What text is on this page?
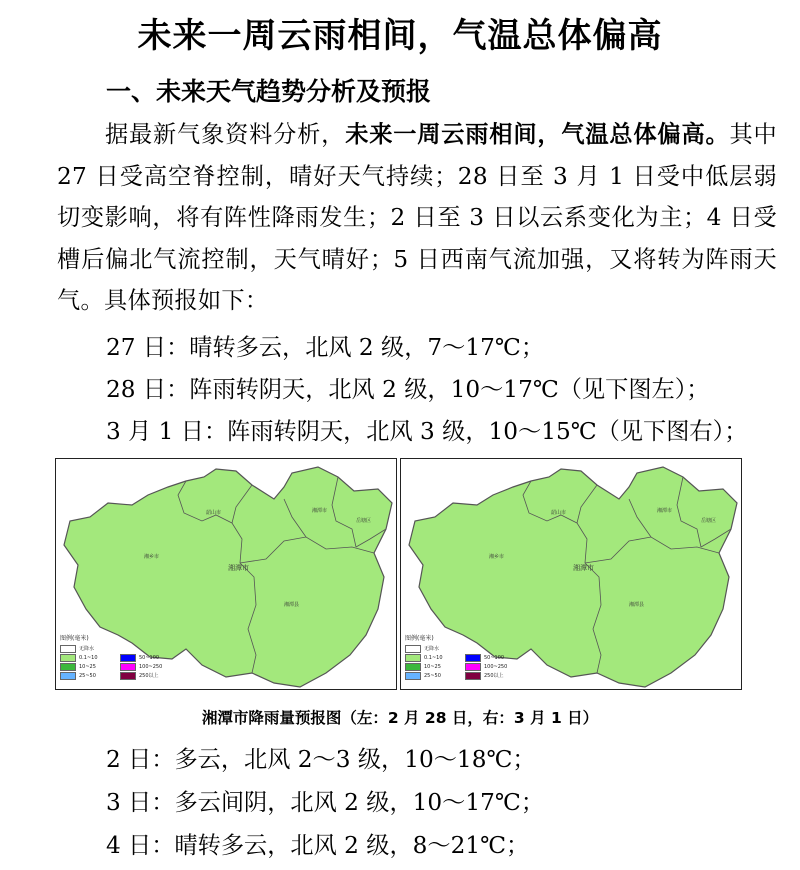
未来一周云雨相间，气温总体偏高
一、未来天气趋势分析及预报
据最新气象资料分析，未来一周云雨相间，气温总体偏高。其中 27 日受高空脊控制，晴好天气持续；28 日至 3 月 1 日受中低层弱切变影响，将有阵性降雨发生；2 日至 3 日以云系变化为主；4 日受槽后偏北气流控制，天气晴好；5 日西南气流加强，又将转为阵雨天气。具体预报如下：
27 日：晴转多云，北风 2 级，7～17℃；
28 日：阵雨转阴天，北风 2 级，10～17℃（见下图左）；
3 月 1 日：阵雨转阴天，北风 3 级，10～15℃（见下图右）；
韶山市
湘乡市
湘潭市
湘潭县
湘潭市
岳塘区
图例(毫米)
无降水
0.1~10	50~100
10~25	100~250
25~50	250以上
韶山市
湘乡市
湘潭市
湘潭县
湘潭市
岳塘区
图例(毫米)
无降水
0.1~10	50~100
10~25	100~250
25~50	250以上
湘潭市降雨量预报图（左：2 月 28 日，右：3 月 1 日）
2 日：多云，北风 2～3 级，10～18℃；
3 日：多云间阴，北风 2 级，10～17℃；
4 日：晴转多云，北风 2 级，8～21℃；
